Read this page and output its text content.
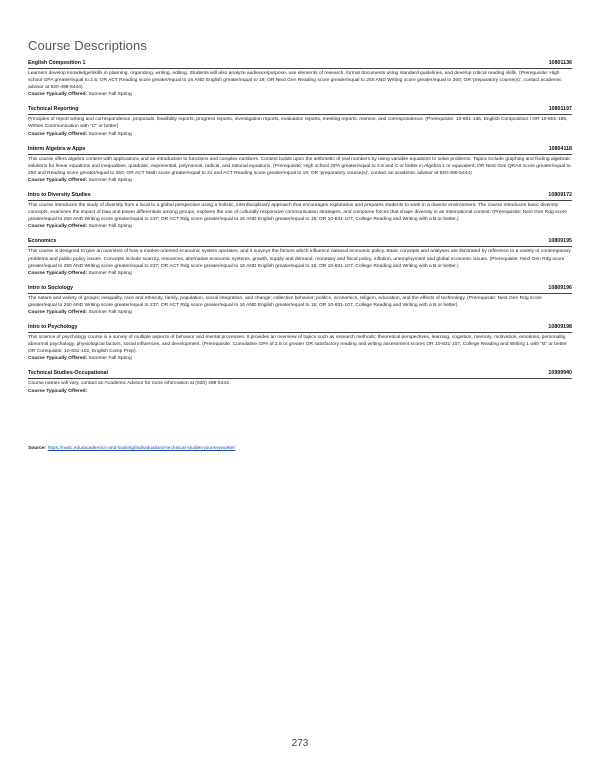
Course Descriptions
English Composition 1	10801136
Learners develop knowledge/skills in planning, organizing, writing, editing. Students will also analyze audience/purpose, use elements of research, format documents using standard guidelines, and develop critical reading skills. (Prerequisite: High school GPA greater/equal to 2.6; OR ACT Reading score greater/equal to 16 AND English greater/equal to 18; OR Next Gen Reading score greater/equal to 250 AND Writing score greater/equal to 260; OR 'preparatory course(s)', contact academic advisor at 920-498-5444)
Course Typically Offered: Summer Fall Spring
Technical Reporting	10801197
Principles of report writing and correspondence, proposals, feasibility reports, progress reports, investigation reports, evaluation reports, meeting reports, memos, and correspondence. (Prerequisite: 10-801-136, English Composition I OR 10-801-195, Written Communication with "C" or better)
Course Typically Offered: Summer Fall Spring
Interm Algebra w Apps	10804118
This course offers algebra content with applications and an introduction to functions and complex numbers. Content builds upon the arithmetic of real numbers by using variable equations to solve problems. Topics include graphing and finding algebraic solutions for linear equations and inequalities, quadratic, exponential, polynomial, radical, and rational equations. (Prerequisite: High school GPA greater/equal to 2.6 and C or better in Algebra 1 or equivalent; OR Next Gen QRAS score greater/equal to 250 and Reading score greater/equal to 250; OR ACT Math score greater/equal to 21 and ACT Reading score greater/equal to 16; OR 'preparatory course(s)', contact an academic advisor at 920-498-5444)
Course Typically Offered: Summer Fall Spring
Intro to Diversity Studies	10809172
This course introduces the study of diversity from a local to a global perspective using a holistic, interdisciplinary approach that encourages exploration and prepares students to work in a diverse environment. The course introduces basic diversity concepts, examines the impact of bias and power differentials among groups, explores the use of culturally responsive communication strategies, and compares forces that shape diversity in an international context. (Prerequisite: Next Gen Rdg score greater/equal to 250 AND Writing score greater/equal to 237; OR ACT Rdg score greater/equal to 16 AND English greater/equal to 15; OR 10-831-107, College Reading and Writing with a B or better.)
Course Typically Offered: Summer Fall Spring
Economics	10809195
This course is designed to give an overview of how a market-oriented economic system operates, and it surveys the factors which influence national economic policy. Basic concepts and analyses are illustrated by reference to a variety of contemporary problems and public policy issues. Concepts include scarcity, resources, alternative economic systems, growth, supply and demand, monetary and fiscal policy, inflation, unemployment and global economic issues. (Prerequisite: Next Gen Rdg score greater/equal to 250 AND Writing score greater/equal to 237; OR ACT Rdg score greater/equal to 16 AND English greater/equal to 15; OR 10-831-107, College Reading and Writing with a B or better.)
Course Typically Offered: Summer Fall Spring
Intro to Sociology	10809196
The nature and variety of groups; inequality, race and ethnicity, family, population, social integration, and change; collective behavior; politics, economics, religion, education, and the effects of technology. (Prerequisite: Next Gen Rdg score greater/equal to 250 AND Writing score greater/equal to 237; OR ACT Rdg score greater/equal to 16 AND English greater/equal to 15; OR 10-831-107, College Reading and Writing with a B or better)
Course Typically Offered: Summer Fall Spring
Intro to Psychology	10809198
This science of psychology course is a survey of multiple aspects of behavior and mental processes. It provides an overview of topics such as research methods; theoretical perspectives, learning, cognition, memory, motivation, emotions, personality, abnormal psychology, physiological factors, social influences, and development. (Prerequisite: Cumulative GPA of 2.6 or greater OR satisfactory reading and writing assessment scores OR 10-831-107, College Reading and Writing 1 with "B" or better OR Corequisite: 10-831-102, English Comp Prep).
Course Typically Offered: Summer Fall Spring
Technical Studies-Occupational	10999940
Course names will vary, contact an Academic Advisor for more information at (920) 498-5444.
Course Typically Offered:
Source: https://nwtc.edu/academics-and-training/individualized-technical-studies-journeyworker
273
